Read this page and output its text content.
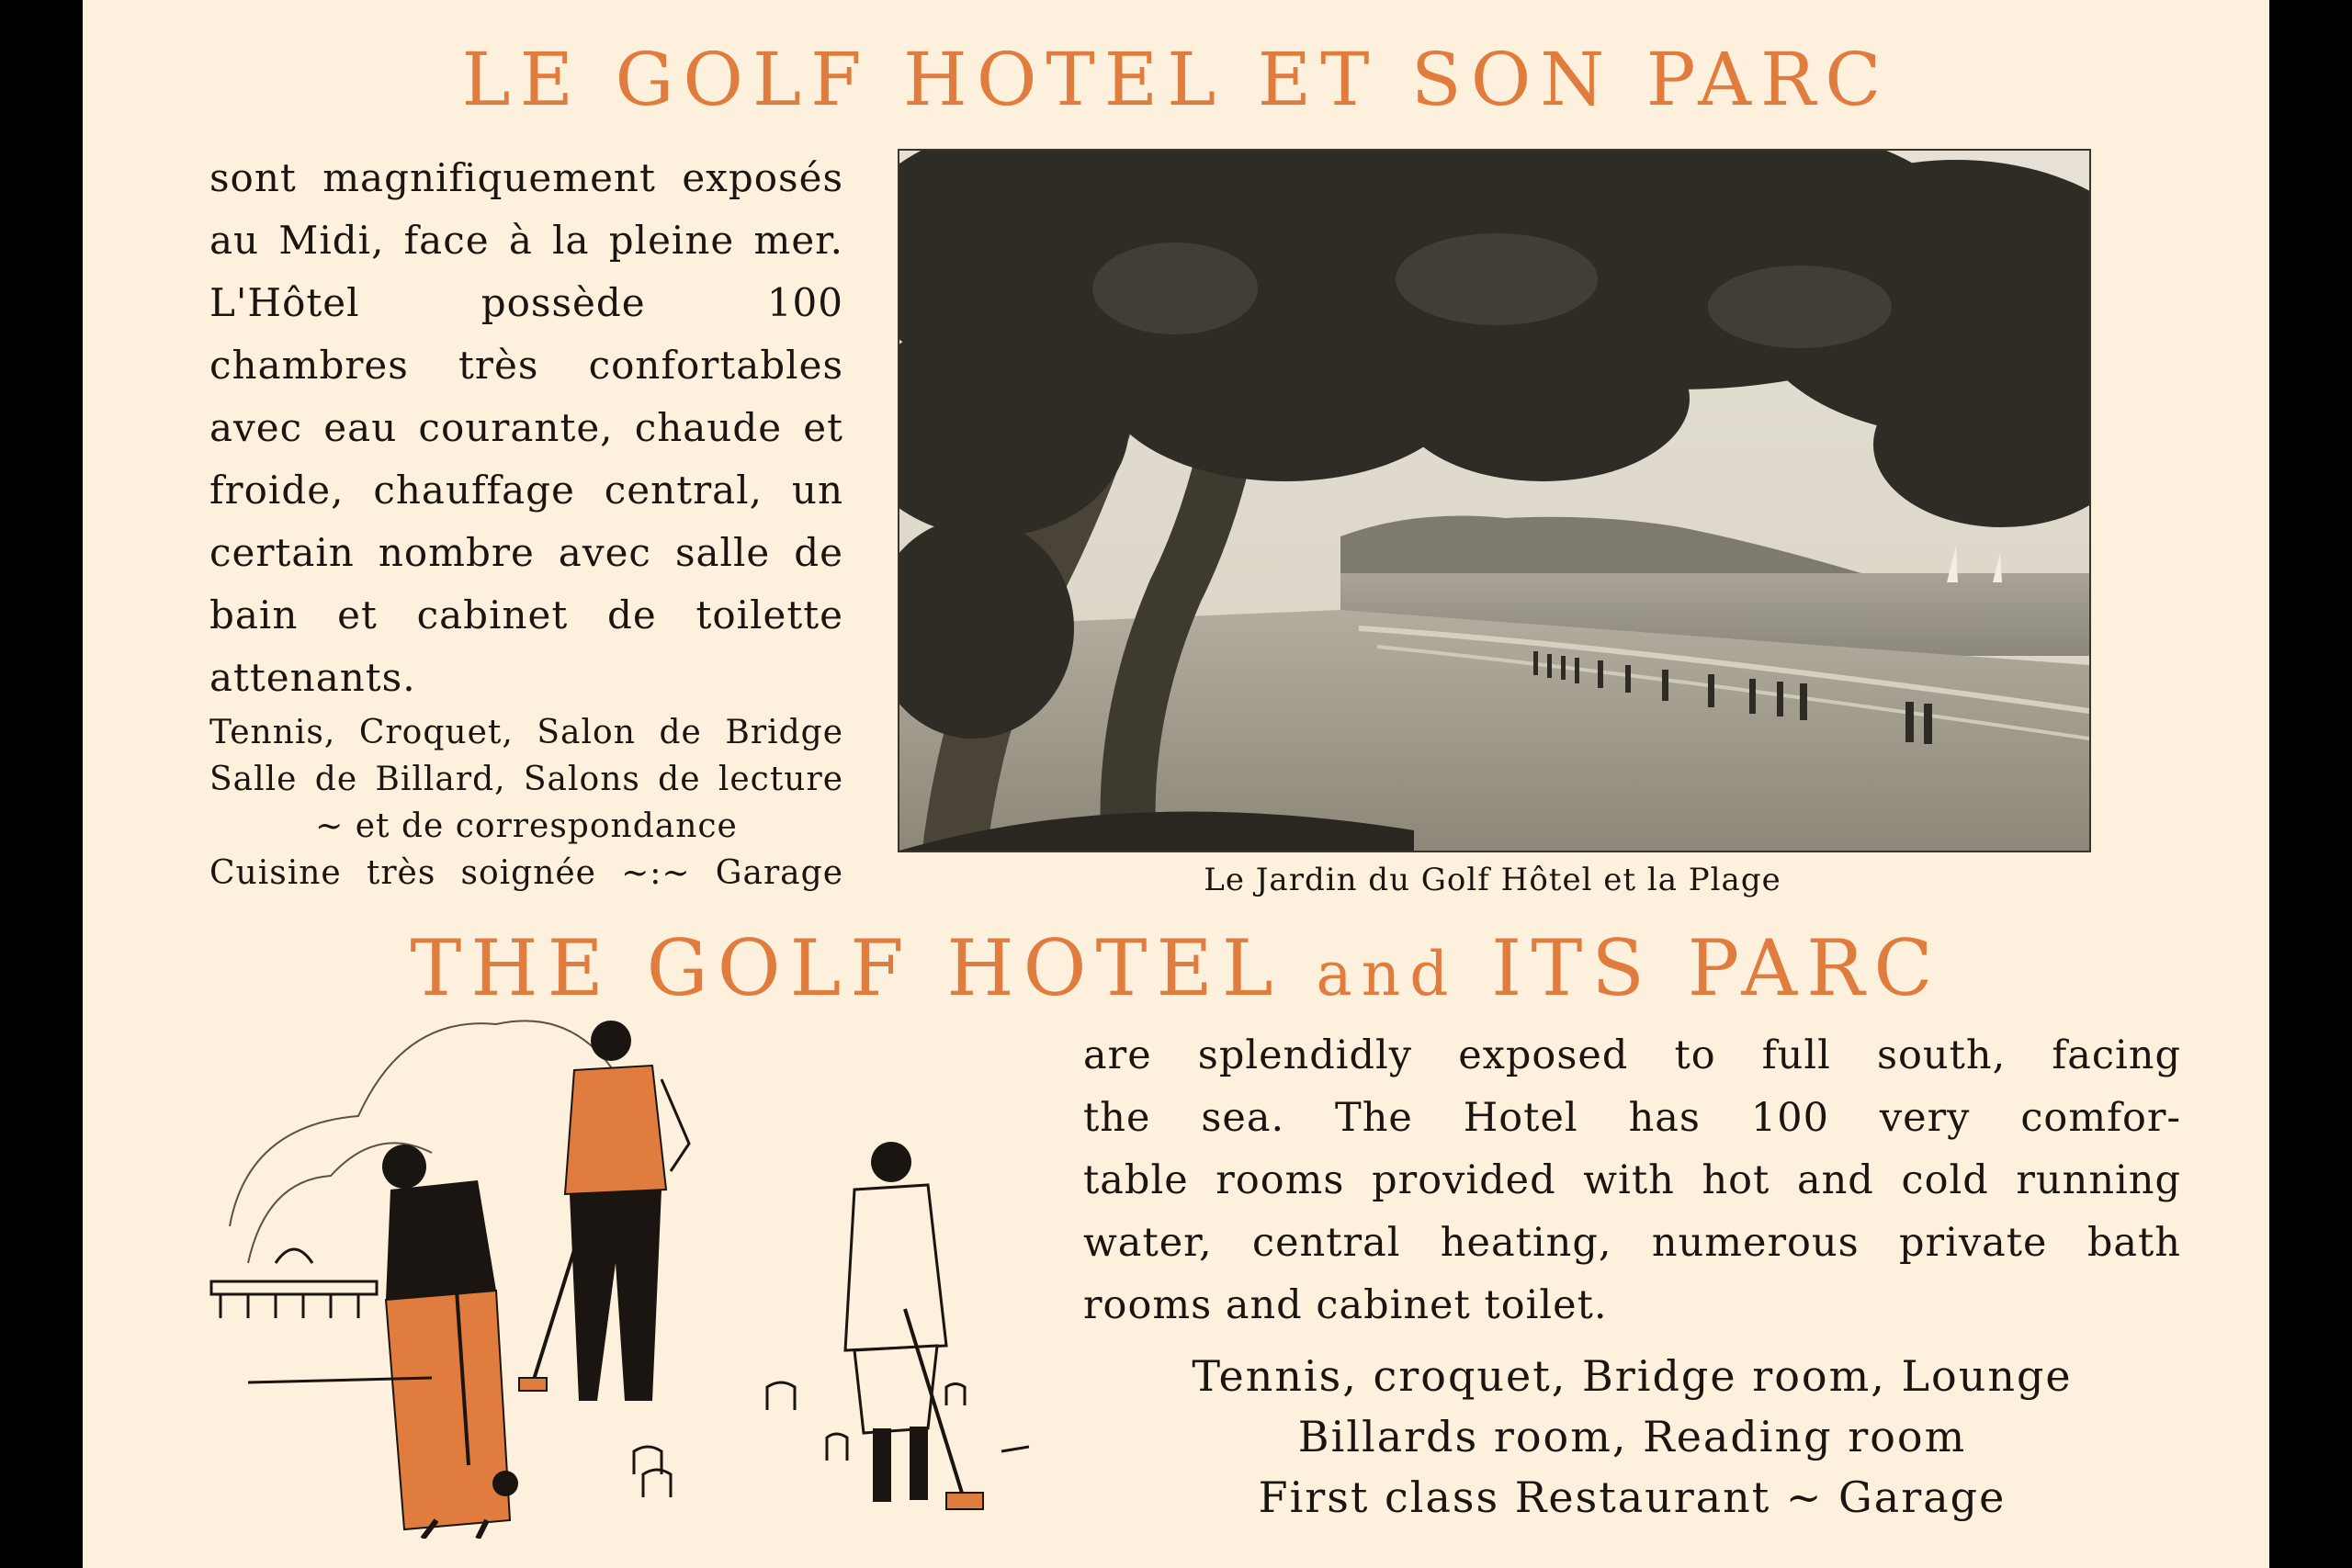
LE GOLF HOTEL ET SON PARC

sont magnifiquement exposés

au Midi, face à la pleine mer.

L'Hôtel possède 100

chambres très confortables

avec eau courante, chaude et

froide, chauffage central, un

certain nombre avec salle de

bain et cabinet de toilette

attenants.

Tennis, Croquet, Salon de Bridge
Salle de Billard, Salons de lecture
~ et de correspondance
Cuisine très soignée ~:~ Garage	Le Jardin du Golf Hôtel et la Plage
THE GOLF HOTEL and ITS PARC

are splendidly exposed to full south, facing

the sea. The Hotel has 100 very comfor-

table rooms provided with hot and cold running

water, central heating, numerous private bath

rooms and cabinet toilet.

Tennis, croquet, Bridge room, Lounge
Billards room, Reading room
First class Restaurant ~ Garage
